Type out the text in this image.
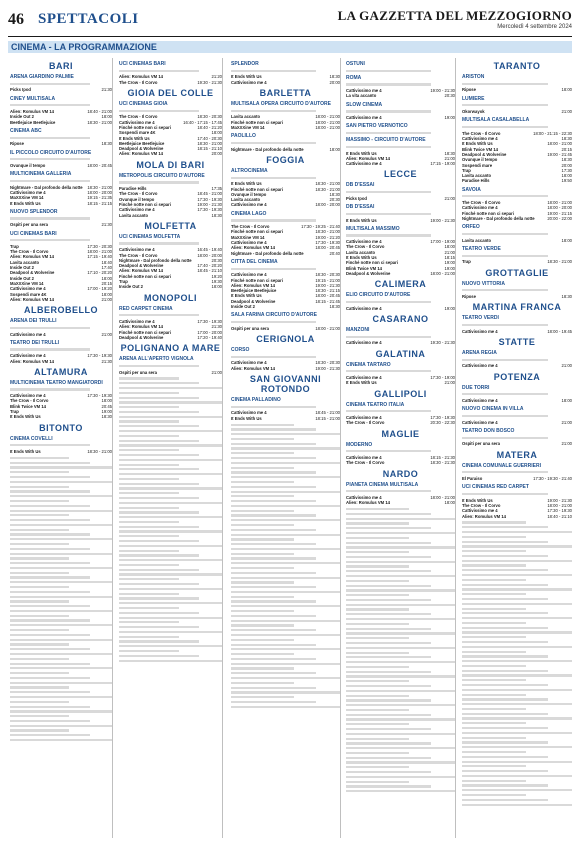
46 SPETTACOLI	LA GAZZETTA DEL MEZZOGIORNO
Mercoledì 4 settembre 2024
CINEMA - LA PROGRAMMAZIONE
BARI
ARENA GIARDINO PALMIE
Picks Ipod	21:30
CINEY MULTISALA
Alien: Romulus VM 14	18:40 - 21:00
Inside Out 2	18:00
Beetlejuice Beetlejuice	18:30 - 21:00
CINEMA ABC
Ripose	18:30
IL PICCOLO CIRCUITO D'AUTORE
Ovunque il tempo	18:00 - 20:45
MULTICINEMA GALLERIA
Nightmare - Dal profondo della notte 18:30 - 21:00
Cattivissimo me 4	18:00 - 20:00
MaXXXine VM 14	19:15 - 21:35
It Ends With Us	18:15 - 21:15
NUOVO SPLENDOR
Ospiti per una sera	21:30
UCI CINEMAS BARI
Trap	17:30 - 20:30
The Crow - Il Corvo	18:00 - 21:00
Alien: Romulus VM 14	17:15 - 19:40
Lavita accanto	18:40
Inside Out 2	17:40
Deadpool & Wolverine	17:10 - 20:20
Inside Out 2	18:00
MaXXXine VM 14	20:15
Cattivissimo me 4	17:00 - 19:20
Sospendi mare 4K	18:00
Alien: Romulus VM 14	21:00
ALBEROBELLO
ARENA DEI TRULLI
Cattivissimo me 4	21:00
TEATRO DEI TRULLI
Cattivissimo me 4	17:30 - 19:30
Alien: Romulus VM 14	21:30
ALTAMURA
MULTICINEMA TEATRO MANGIATORDI
Cattivissimo me 4	17:30 - 19:30
The Crow - Il Corvo	18:00
Blink Twice VM 14	20:45
Trap	19:00
It Ends With Us	18:30
BITONTO
CINEMA COVELLI
It Ends With Us	18:30 - 21:00
UCI CINEMAS BARI
Alien: Romulus VM 14	21:20
The Crow - Il Corvo	19:30 - 21:30
GIOIA DEL COLLE
UCI CINEMAS GIOIA
The Crow - Il Corvo	18:30 - 20:30
Cattivissimo me 4	16:40 - 17:15 - 17:45
Finché notte non ci separi	18:40 - 21:20
Sospendi mare 4K	18:00
It Ends With Us	17:40 - 20:30
Beetlejuice Beetlejuice	18:30 - 21:00
Deadpool & Wolverine	18:15 - 21:10
Alien: Romulus VM 14	20:00
MOLA DI BARI
METROPOLIS CIRCUITO D'AUTORE
Paradise Hills	17:35
The Crow - Il Corvo	18:45 - 21:00
Ovunque il tempo	17:30 - 19:30
Finché notte non ci separi	19:00 - 21:30
Cattivissimo me 4	17:30 - 19:30
Lavita accanto	18:30
MOLFETTA
UCI CINEMAS MOLFETTA
Cattivissimo me 4	16:45 - 19:40
The Crow - Il Corvo	18:00 - 20:00
Nightmare - Dal profondo della notte	20:30
Deadpool & Wolverine	17:40 - 20:20
Alien: Romulus VM 14	18:45 - 21:10
Finché notte non ci separi	19:20
Trap	19:30
Inside Out 2	18:00
MONOPOLI
RED CARPET CINEMA
Cattivissimo me 4	17:30 - 19:30
Alien: Romulus VM 14	21:30
Finché notte non ci separi	17:00 - 20:00
Deadpool & Wolverine	17:20 - 19:40
POLIGNANO A MARE
ARENA ALL'APERTO VIGNOLA
Ospiti per una sera	21:00
SPLENDOR
It Ends With Us	18:30
Cattivissimo me 4	20:00
BARLETTA
MULTISALA OPERA CIRCUITO D'AUTORE
Lavita accanto	18:00 - 21:00
Finché notte non ci separi	18:00 - 21:00
MaXXXine VM 14	18:00 - 21:00
PAOLILLO
Nightmare - Dal profondo della notte	18:00
FOGGIA
ALTROCINEMA
It Ends With Us	18:30 - 21:00
Finché notte non ci separi	18:30 - 21:00
Ovunque il tempo	18:30
Lavita accanto	20:30
Cattivissimo me 4	18:00 - 20:00
CINEMA LAGO
The Crow - Il Corvo	17:30 - 19:25 - 21:40
Finché notte non ci separi	18:30 - 21:00
MaXXXine VM 14	19:00 - 21:20
Cattivissimo me 4	17:30 - 19:30
Alien: Romulus VM 14	18:00 - 20:45
Nightmare - Dal profondo della notte	20:40
CITTA DEL CINEMA
Cattivissimo me 4	18:30 - 20:30
Finché notte non ci separi	19:15 - 21:00
Alien: Romulus VM 14	19:00 - 21:30
Beetlejuice Beetlejuice	18:30 - 21:15
It Ends With Us	18:00 - 20:45
Deadpool & Wolverine	18:15 - 21:45
Inside Out 2	18:30
SALA FARINA CIRCUITO D'AUTORE
Ospiti per una sera	18:00 - 21:00
CERIGNOLA
CORSO
Cattivissimo me 4	18:30 - 20:30
Alien: Romulus VM 14	19:00 - 21:30
SAN GIOVANNI ROTONDO
CINEMA PALLADINO
Cattivissimo me 4	18:45 - 21:00
It Ends With Us	18:15 - 21:00
OSTUNI
ROMA
Cattivissimo me 4	19:00 - 21:30
La vita accanto	20:30
SLOW CINEMA
Cattivissimo me 4	19:00
SAN PIETRO VERNOTICO
MASSIMO - CIRCUITO D'AUTORE
It Ends With Us	18:30
Alien: Romulus VM 14	21:00
Cattivissimo me 4	17:15 - 19:00
LECCE
DB D'ESSAI
Picks Ipod	21:00
DB D'ESSAI
It Ends With Us	19:00 - 21:30
MULTISALA MASSIMO
Cattivissimo me 4	17:00 - 19:00
The Crow - Il Corvo	18:00
Lavita accanto	21:00
It Ends With Us	18:15
Finché notte non ci separi	19:00
Blink Twice VM 14	19:00
Deadpool & Wolverine	18:00 - 21:00
CALIMERA
ELIO CIRCUITO D'AUTORE
Cattivissimo me 4	19:00
CASARANO
MANZONI
Cattivissimo me 4	19:30 - 21:30
GALATINA
CINEMA TARTARO
Cattivissimo me 4	17:30 - 19:00
It Ends With Us	21:00
GALLIPOLI
CINEMA TEATRO ITALIA
Cattivissimo me 4	17:30 - 19:30
The Crow - Il Corvo	20:30 - 22:30
MAGLIE
MODERNO
Cattivissimo me 4	18:15 - 21:30
The Crow - Il Corvo	18:30 - 21:30
NARDO
PIANETA CINEMA MULTISALA
Cattivissimo me 4	18:00 - 21:00
Alien: Romulus VM 14	18:00
TARANTO
ARISTON
Ripose	18:00
LUMIERE
Okorwayok	21:00
MULTISALA CASALABELLA
The Crow - Il Corvo	18:00 - 21:15 - 22:30
Cattivissimo me 4	18:30
It Ends With Us	18:00 - 21:00
Blink Twice VM 14	20:15
Deadpool & Wolverine	19:00 - 21:45
Ovunque il tempo	18:30
Sospendi mare	20:00
Trap	17:30
Lavita accanto	18:00
Paradise Hills	19:50
SAVOIA
The Crow - Il Corvo	18:00 - 21:00
Cattivissimo me 4	18:00 - 20:00
Finché notte non ci separi	19:00 - 21:15
Nightmare - Dal profondo della notte	20:00 - 22:00
ORFEO
Lavita accanto	18:00
TEATRO VERDE
Trap	18:30 - 21:00
GROTTAGLIE
NUOVO VITTORIA
Ripose	18:30
MARTINA FRANCA
TEATRO VERDI
Cattivissimo me 4	18:00 - 19:45
STATTE
ARENA REGIA
Cattivissimo me 4	21:00
POTENZA
DUE TORRI
Cattivissimo me 4	18:00
NUOVO CINEMA IN VILLA
Cattivissimo me 4	21:00
TEATRO DON BOSCO
Ospiti per una sera	21:00
MATERA
CINEMA COMUNALE GUERRIERI
El Paraiso	17:30 - 19:30 - 21:40
UCI CINEMAS RED CARPET
It Ends With Us	19:00 - 21:30
The Crow - Il Corvo	18:00 - 21:00
Cattivissimo me 4	17:30 - 19:30
Alien: Romulus VM 14	18:40 - 21:10
